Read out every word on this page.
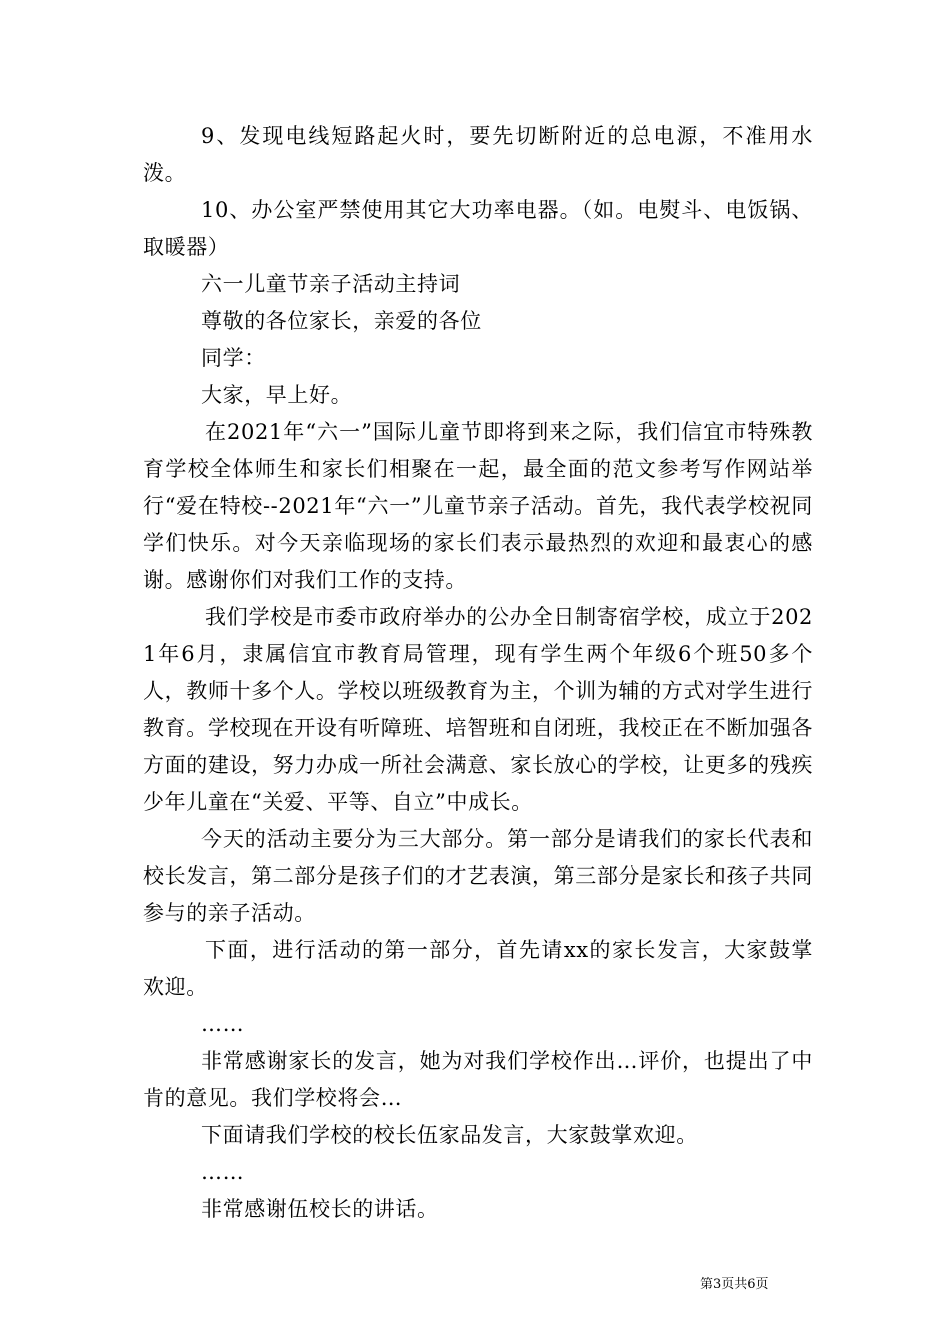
9、发现电线短路起火时，要先切断附近的总电源，不准用水泼。

10、办公室严禁使用其它大功率电器。（如。电熨斗、电饭锅、取暖器）

六一儿童节亲子活动主持词

尊敬的各位家长，亲爱的各位

同学：

大家，早上好。

在2021年“六一”国际儿童节即将到来之际，我们信宜市特殊教育学校全体师生和家长们相聚在一起，最全面的范文参考写作网站举行“爱在特校--2021年“六一”儿童节亲子活动。首先，我代表学校祝同学们快乐。对今天亲临现场的家长们表示最热烈的欢迎和最衷心的感谢。感谢你们对我们工作的支持。

我们学校是市委市政府举办的公办全日制寄宿学校，成立于2021年6月，隶属信宜市教育局管理，现有学生两个年级6个班50多个人，教师十多个人。学校以班级教育为主，个训为辅的方式对学生进行教育。学校现在开设有听障班、培智班和自闭班，我校正在不断加强各方面的建设，努力办成一所社会满意、家长放心的学校，让更多的残疾少年儿童在“关爱、平等、自立”中成长。

今天的活动主要分为三大部分。第一部分是请我们的家长代表和校长发言，第二部分是孩子们的才艺表演，第三部分是家长和孩子共同参与的亲子活动。

下面，进行活动的第一部分，首先请xx的家长发言，大家鼓掌欢迎。

……

非常感谢家长的发言，她为对我们学校作出…评价，也提出了中肯的意见。我们学校将会…

下面请我们学校的校长伍家品发言，大家鼓掌欢迎。

……

非常感谢伍校长的讲话。

第3页共6页
